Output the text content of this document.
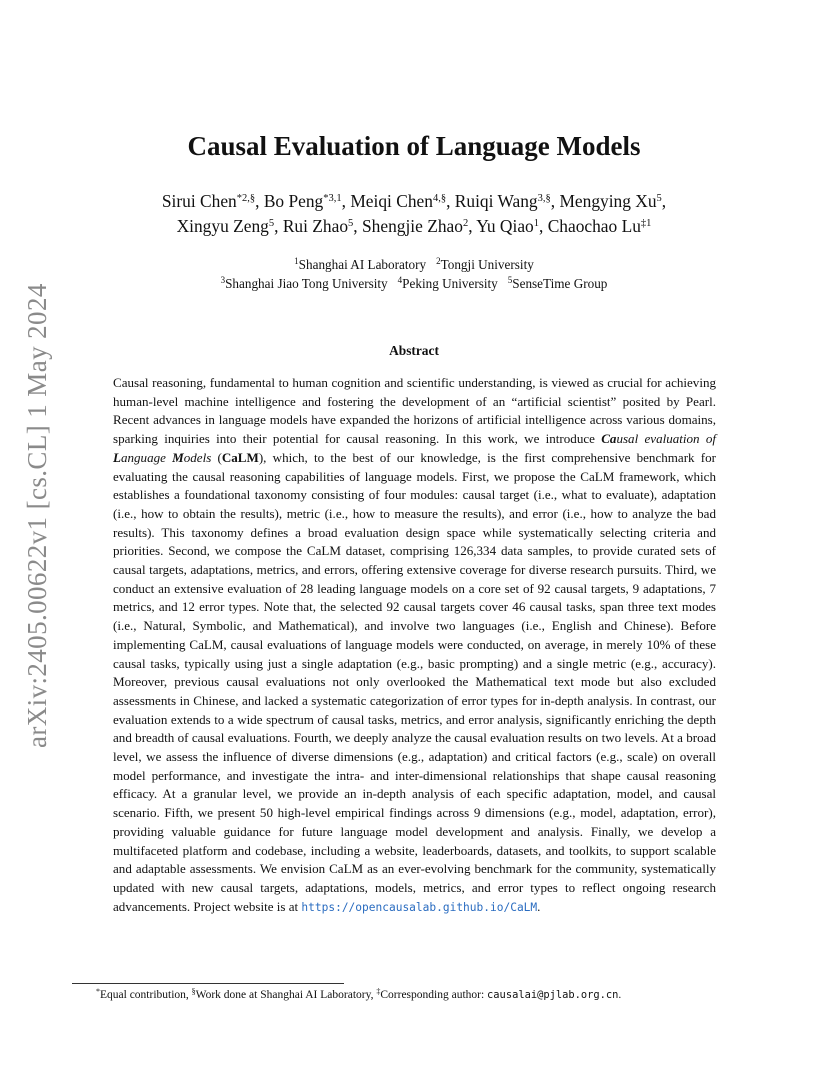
arXiv:2405.00622v1 [cs.CL] 1 May 2024
Causal Evaluation of Language Models
Sirui Chen$^{*2,\S}$, Bo Peng$^{*3,1}$, Meiqi Chen$^{4,\S}$, Ruiqi Wang$^{3,\S}$, Mengying Xu$^5$,
Xingyu Zeng$^5$, Rui Zhao$^5$, Shengjie Zhao$^2$, Yu Qiao$^1$, Chaochao Lu$^{\ddagger 1}$
$^1$Shanghai AI Laboratory $^2$Tongji University
$^3$Shanghai Jiao Tong University $^4$Peking University $^5$SenseTime Group
Abstract
Causal reasoning, fundamental to human cognition and scientific understanding, is viewed as crucial for achieving human-level machine intelligence and fostering the development of an “artificial scientist” posited by Pearl. Recent advances in language models have expanded the horizons of artificial intelligence across various domains, sparking inquiries into their potential for causal reasoning. In this work, we introduce Causal evaluation of Language Models (CaLM), which, to the best of our knowledge, is the first comprehensive benchmark for evaluating the causal reasoning capabilities of language models. First, we propose the CaLM framework, which establishes a foundational taxonomy consisting of four modules: causal target (i.e., what to evaluate), adaptation (i.e., how to obtain the results), metric (i.e., how to measure the results), and error (i.e., how to analyze the bad results). This taxonomy defines a broad evaluation design space while systematically selecting criteria and priorities. Second, we compose the CaLM dataset, comprising 126,334 data samples, to provide curated sets of causal targets, adaptations, metrics, and errors, offering extensive coverage for diverse research pursuits. Third, we conduct an extensive evaluation of 28 leading language models on a core set of 92 causal targets, 9 adaptations, 7 metrics, and 12 error types. Note that, the selected 92 causal targets cover 46 causal tasks, span three text modes (i.e., Natural, Symbolic, and Mathematical), and involve two languages (i.e., English and Chinese). Before implementing CaLM, causal evaluations of language models were conducted, on average, in merely 10% of these causal tasks, typically using just a single adaptation (e.g., basic prompting) and a single metric (e.g., accuracy). Moreover, previous causal evaluations not only overlooked the Mathematical text mode but also excluded assessments in Chinese, and lacked a systematic categorization of error types for in-depth analysis. In contrast, our evaluation extends to a wide spectrum of causal tasks, metrics, and error analysis, significantly enriching the depth and breadth of causal evaluations. Fourth, we deeply analyze the causal evaluation results on two levels. At a broad level, we assess the influence of diverse dimensions (e.g., adaptation) and critical factors (e.g., scale) on overall model performance, and investigate the intra- and inter-dimensional relationships that shape causal reasoning efficacy. At a granular level, we provide an in-depth analysis of each specific adaptation, model, and causal scenario. Fifth, we present 50 high-level empirical findings across 9 dimensions (e.g., model, adaptation, error), providing valuable guidance for future language model development and analysis. Finally, we develop a multifaceted platform and codebase, including a website, leaderboards, datasets, and toolkits, to support scalable and adaptable assessments. We envision CaLM as an ever-evolving benchmark for the community, systematically updated with new causal targets, adaptations, models, metrics, and error types to reflect ongoing research advancements. Project website is at https://opencausalab.github.io/CaLM.
*Equal contribution, §Work done at Shanghai AI Laboratory, ‡Corresponding author: causalai@pjlab.org.cn.
